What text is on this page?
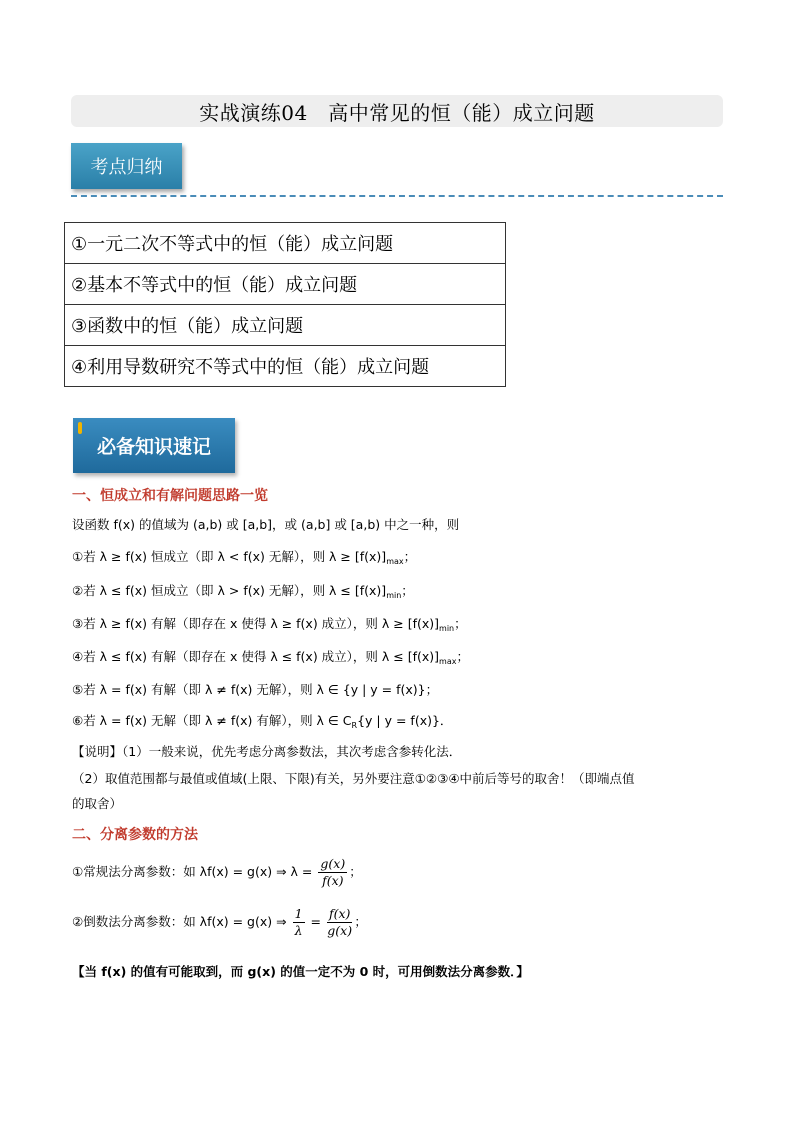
实战演练04　高中常见的恒（能）成立问题
考点归纳
①一元二次不等式中的恒（能）成立问题
②基本不等式中的恒（能）成立问题
③函数中的恒（能）成立问题
④利用导数研究不等式中的恒（能）成立问题
必备知识速记
一、恒成立和有解问题思路一览
设函数 f(x) 的值域为 (a,b) 或 [a,b]，或 (a,b] 或 [a,b) 中之一种，则
①若 λ ≥ f(x) 恒成立（即 λ < f(x) 无解），则 $\lambda \ge [f(x)]_{max}$；
②若 λ ≤ f(x) 恒成立（即 λ > f(x) 无解），则 $\lambda \le [f(x)]_{min}$；
③若 λ ≥ f(x) 有解（即存在 x 使得 λ ≥ f(x) 成立），则 $\lambda \ge [f(x)]_{min}$；
④若 λ ≤ f(x) 有解（即存在 x 使得 λ ≤ f(x) 成立），则 $\lambda \le [f(x)]_{max}$；
⑤若 λ = f(x) 有解（即 λ ≠ f(x) 无解），则 λ ∈ {y | y = f(x)}；
⑥若 λ = f(x) 无解（即 λ ≠ f(x) 有解），则 λ ∈ $C_R\{y$ | y = f(x)}．
【说明】（1）一般来说，优先考虑分离参数法，其次考虑含参转化法．
（2）取值范围都与最值或值域(上限、下限)有关，另外要注意①②③④中前后等号的取舍！（即端点值
的取舍）
二、分离参数的方法
①常规法分离参数：如 λf(x) = g(x) ⇒ $\lambda = \frac{g(x)}{f(x)}$ ；
②倒数法分离参数：如 λf(x) = g(x) ⇒ $\frac{1}{\lambda} = \frac{f(x)}{g(x)}$ ；
【当 f(x) 的值有可能取到，而 g(x) 的值一定不为 0 时，可用倒数法分离参数．】
